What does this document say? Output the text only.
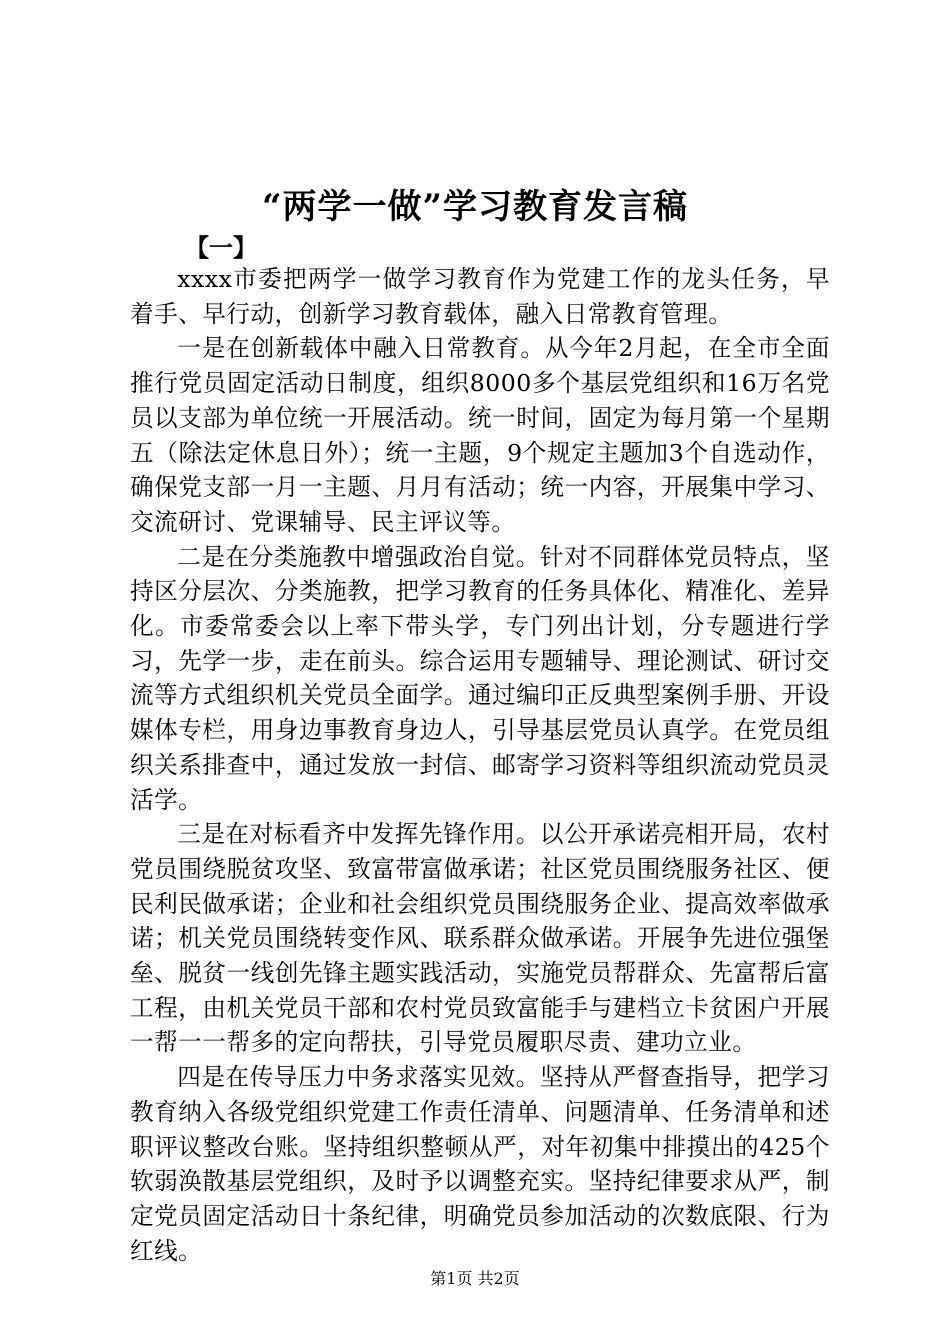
“两学一做”学习教育发言稿
【一】

xxxx市委把两学一做学习教育作为党建工作的龙头任务，早着手、早行动，创新学习教育载体，融入日常教育管理。

一是在创新载体中融入日常教育。从今年2月起，在全市全面推行党员固定活动日制度，组织8000多个基层党组织和16万名党员以支部为单位统一开展活动。统一时间，固定为每月第一个星期五（除法定休息日外）；统一主题，9个规定主题加3个自选动作，确保党支部一月一主题、月月有活动；统一内容，开展集中学习、交流研讨、党课辅导、民主评议等。

二是在分类施教中增强政治自觉。针对不同群体党员特点，坚持区分层次、分类施教，把学习教育的任务具体化、精准化、差异化。市委常委会以上率下带头学，专门列出计划，分专题进行学习，先学一步，走在前头。综合运用专题辅导、理论测试、研讨交流等方式组织机关党员全面学。通过编印正反典型案例手册、开设媒体专栏，用身边事教育身边人，引导基层党员认真学。在党员组织关系排查中，通过发放一封信、邮寄学习资料等组织流动党员灵活学。

三是在对标看齐中发挥先锋作用。以公开承诺亮相开局，农村党员围绕脱贫攻坚、致富带富做承诺；社区党员围绕服务社区、便民利民做承诺；企业和社会组织党员围绕服务企业、提高效率做承诺；机关党员围绕转变作风、联系群众做承诺。开展争先进位强堡垒、脱贫一线创先锋主题实践活动，实施党员帮群众、先富帮后富工程，由机关党员干部和农村党员致富能手与建档立卡贫困户开展一帮一一帮多的定向帮扶，引导党员履职尽责、建功立业。

四是在传导压力中务求落实见效。坚持从严督查指导，把学习教育纳入各级党组织党建工作责任清单、问题清单、任务清单和述职评议整改台账。坚持组织整顿从严，对年初集中排摸出的425个软弱涣散基层党组织，及时予以调整充实。坚持纪律要求从严，制定党员固定活动日十条纪律，明确党员参加活动的次数底限、行为红线。

第1页 共2页
